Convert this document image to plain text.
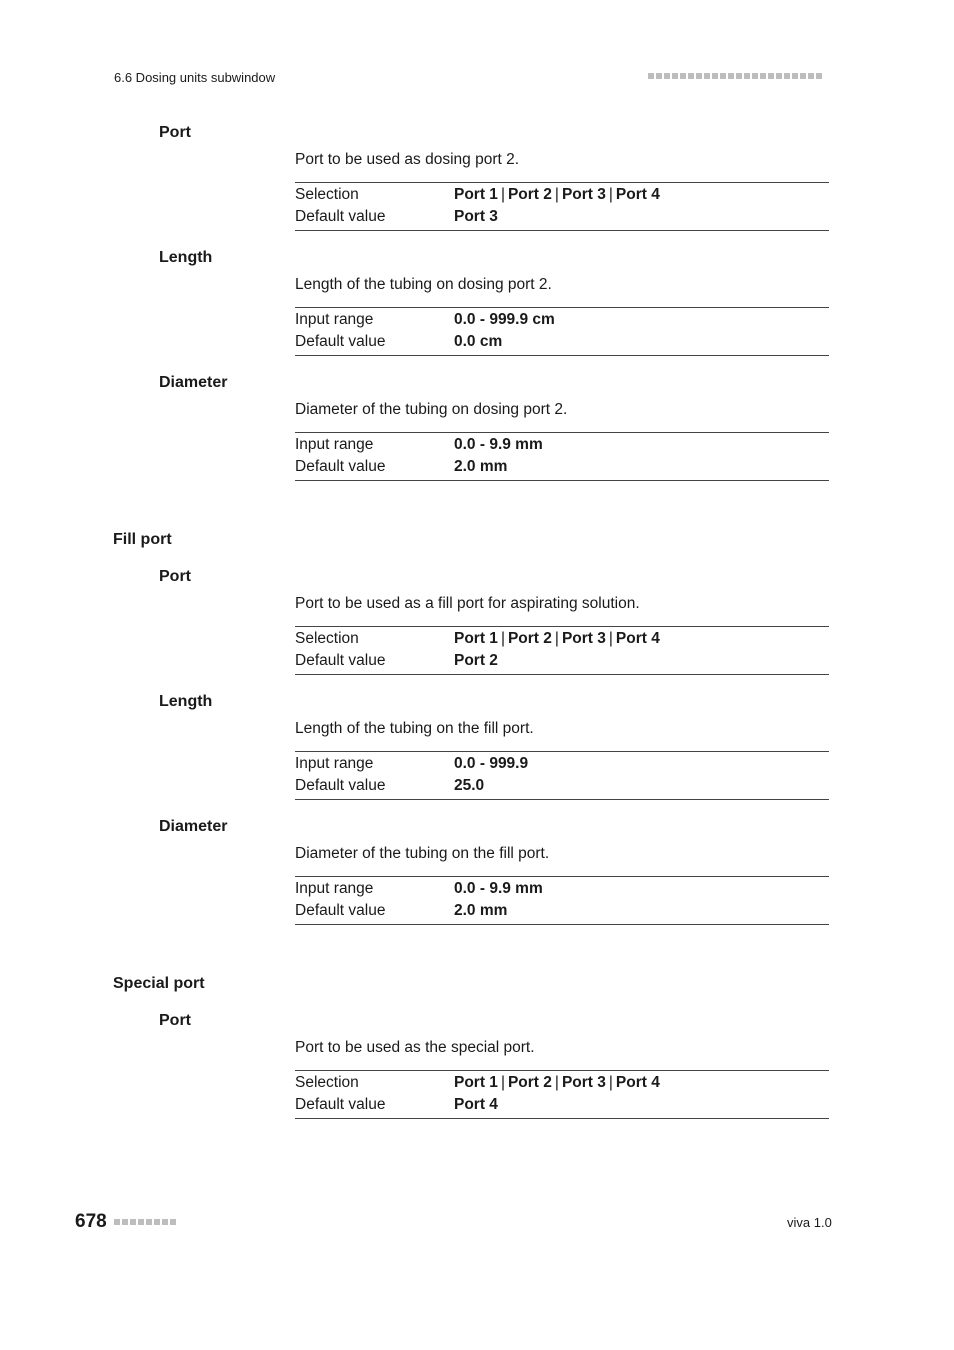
6.6 Dosing units subwindow
Port
Port to be used as dosing port 2.
Selection	Port 1 | Port 2 | Port 3 | Port 4
Default value	Port 3
Length
Length of the tubing on dosing port 2.
Input range	0.0 - 999.9 cm
Default value	0.0 cm
Diameter
Diameter of the tubing on dosing port 2.
Input range	0.0 - 9.9 mm
Default value	2.0 mm
Fill port
Port
Port to be used as a fill port for aspirating solution.
Selection	Port 1 | Port 2 | Port 3 | Port 4
Default value	Port 2
Length
Length of the tubing on the fill port.
Input range	0.0 - 999.9
Default value	25.0
Diameter
Diameter of the tubing on the fill port.
Input range	0.0 - 9.9 mm
Default value	2.0 mm
Special port
Port
Port to be used as the special port.
Selection	Port 1 | Port 2 | Port 3 | Port 4
Default value	Port 4
678	viva 1.0
